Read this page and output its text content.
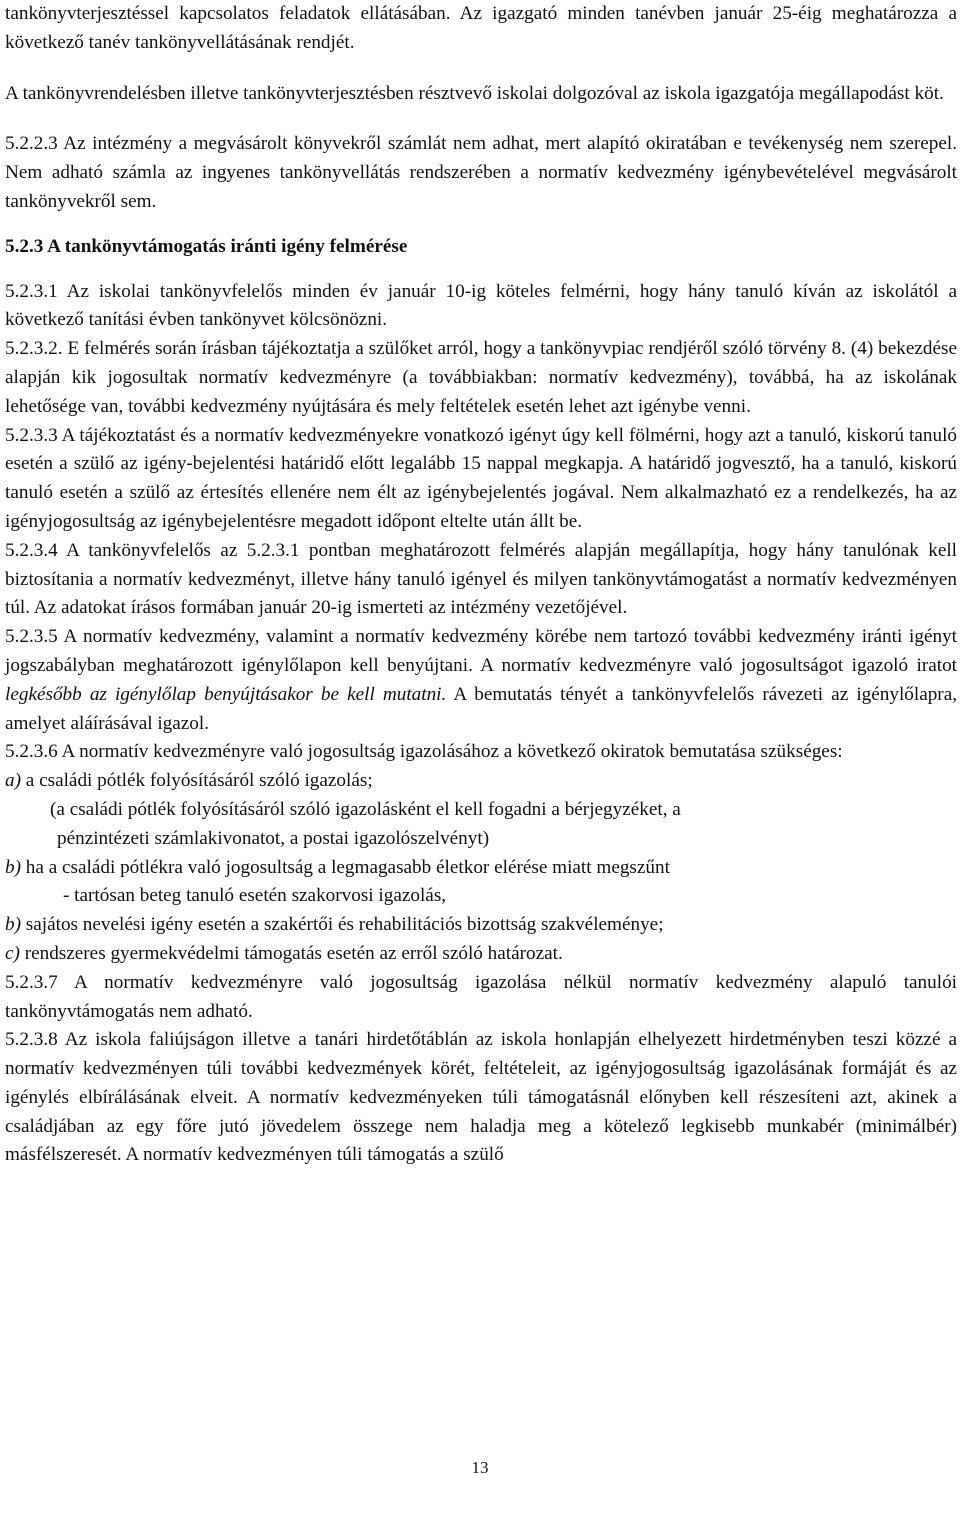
tankönyvterjesztéssel kapcsolatos feladatok ellátásában. Az igazgató minden tanévben január 25-éig meghatározza a következő tanév tankönyvellátásának rendjét.

A tankönyvrendelésben illetve tankönyvterjesztésben résztvevő iskolai dolgozóval az iskola igazgatója megállapodást köt.

5.2.2.3 Az intézmény a megvásárolt könyvekről számlát nem adhat, mert alapító okiratában e tevékenység nem szerepel. Nem adható számla az ingyenes tankönyvellátás rendszerében a normatív kedvezmény igénybevételével megvásárolt tankönyvekről sem.

5.2.3 A tankönyvtámogatás iránti igény felmérése

5.2.3.1 Az iskolai tankönyvfelelős minden év január 10-ig köteles felmérni, hogy hány tanuló kíván az iskolától a következő tanítási évben tankönyvet kölcsönözni.

5.2.3.2. E felmérés során írásban tájékoztatja a szülőket arról, hogy a tankönyvpiac rendjéről szóló törvény 8. (4) bekezdése alapján kik jogosultak normatív kedvezményre (a továbbiakban: normatív kedvezmény), továbbá, ha az iskolának lehetősége van, további kedvezmény nyújtására és mely feltételek esetén lehet azt igénybe venni.

5.2.3.3 A tájékoztatást és a normatív kedvezményekre vonatkozó igényt úgy kell fölmérni, hogy azt a tanuló, kiskorú tanuló esetén a szülő az igény-bejelentési határidő előtt legalább 15 nappal megkapja. A határidő jogvesztő, ha a tanuló, kiskorú tanuló esetén a szülő az értesítés ellenére nem élt az igénybejelentés jogával. Nem alkalmazható ez a rendelkezés, ha az igényjogosultság az igénybejelentésre megadott időpont eltelte után állt be.

5.2.3.4 A tankönyvfelelős az 5.2.3.1 pontban meghatározott felmérés alapján megállapítja, hogy hány tanulónak kell biztosítania a normatív kedvezményt, illetve hány tanuló igényel és milyen tankönyvtámogatást a normatív kedvezményen túl. Az adatokat írásos formában január 20-ig ismerteti az intézmény vezetőjével.

5.2.3.5 A normatív kedvezmény, valamint a normatív kedvezmény körébe nem tartozó további kedvezmény iránti igényt jogszabályban meghatározott igénylőlapon kell benyújtani. A normatív kedvezményre való jogosultságot igazoló iratot legkésőbb az igénylőlap benyújtásakor be kell mutatni. A bemutatás tényét a tankönyvfelelős rávezeti az igénylőlapra, amelyet aláírásával igazol.

5.2.3.6 A normatív kedvezményre való jogosultság igazolásához a következő okiratok bemutatása szükséges:

a) a családi pótlék folyósításáról szóló igazolás;

(a családi pótlék folyósításáról szóló igazolásként el kell fogadni a bérjegyzéket, a

pénzintézeti számlakivonatot, a postai igazolószelvényt)

b) ha a családi pótlékra való jogosultság a legmagasabb életkor elérése miatt megszűnt

- tartósan beteg tanuló esetén szakorvosi igazolás,

b) sajátos nevelési igény esetén a szakértői és rehabilitációs bizottság szakvéleménye;

c) rendszeres gyermekvédelmi támogatás esetén az erről szóló határozat.

5.2.3.7 A normatív kedvezményre való jogosultság igazolása nélkül normatív kedvezmény alapuló tanulói tankönyvtámogatás nem adható.

5.2.3.8 Az iskola faliújságon illetve a tanári hirdetőtáblán az iskola honlapján elhelyezett hirdetményben teszi közzé a normatív kedvezményen túli további kedvezmények körét, feltételeit, az igényjogosultság igazolásának formáját és az igénylés elbírálásának elveit. A normatív kedvezményeken túli támogatásnál előnyben kell részesíteni azt, akinek a családjában az egy főre jutó jövedelem összege nem haladja meg a kötelező legkisebb munkabér (minimálbér) másfélszeresét. A normatív kedvezményen túli támogatás a szülő

13
